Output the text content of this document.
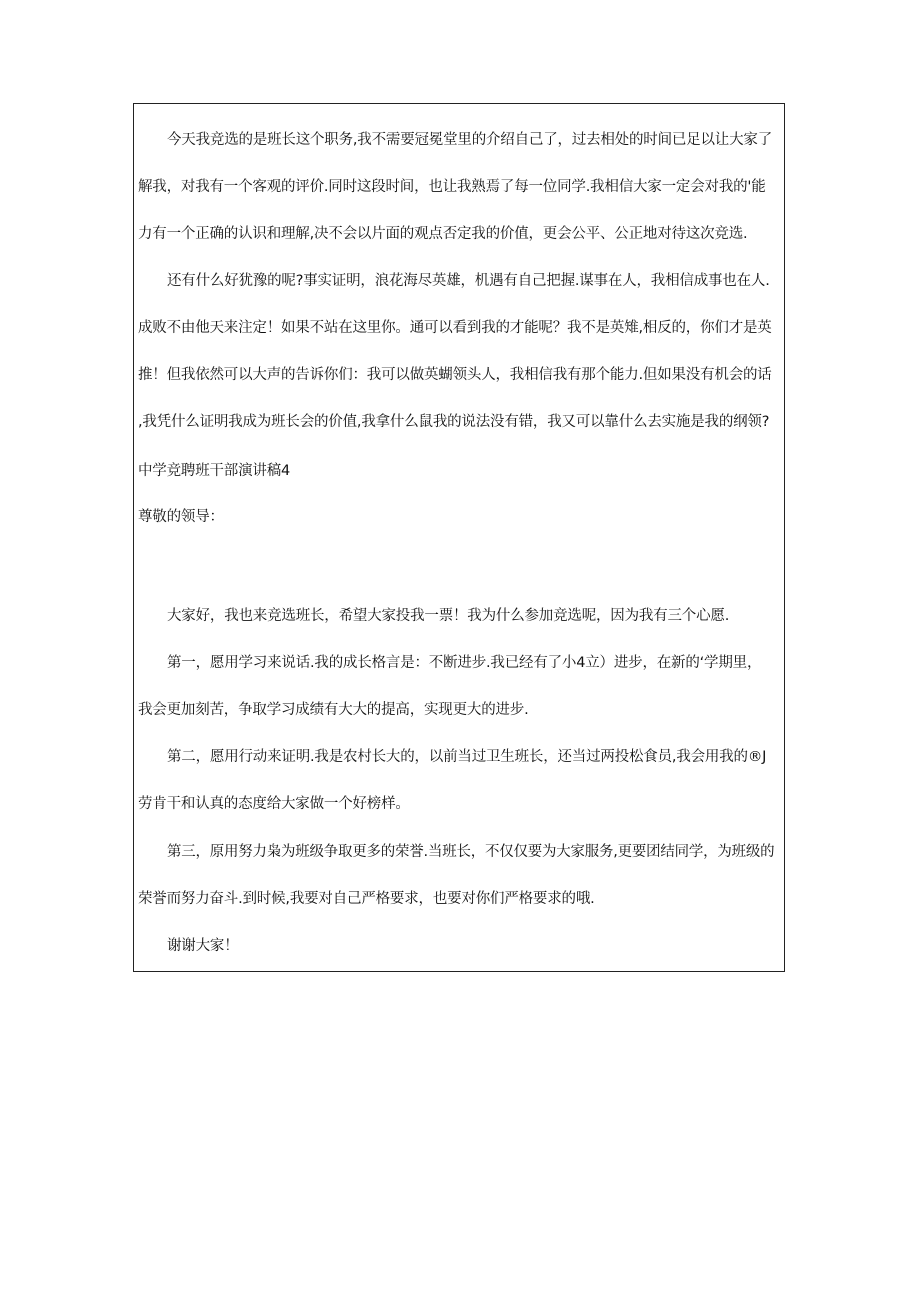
今天我竞选的是班长这个职务,我不需要冠冕堂里的介绍自己了，过去相处的时间已足以让大家了
解我，对我有一个客观的评价.同时这段时间，也让我熟焉了每一位同学.我相信大家一定会对我的'能
力有一个正确的认识和理解,决不会以片面的观点否定我的价值，更会公平、公正地对待这次竞选.
还有什么好犹豫的呢?事实证明，浪花海尽英雄，机遇有自己把握.谋事在人，我相信成事也在人.
成败不由他天来注定！如果不站在这里你。通可以看到我的才能呢？我不是英雉,相反的，你们才是英
推！但我依然可以大声的告诉你们：我可以做英蝴领头人，我相信我有那个能力.但如果没有机会的话
,我凭什么证明我成为班长会的价值,我拿什么鼠我的说法没有错，我又可以靠什么去实施是我的纲领?
中学竞聘班干部演讲稿4
尊敬的领导：
大家好，我也来竞选班长，希望大家投我一票！我为什么参加竞选呢，因为我有三个心愿.
第一，愿用学习来说话.我的成长格言是：不断进步.我已经有了小4立）进步，在新的‘学期里，
我会更加刻苦，争取学习成绩有大大的提高，实现更大的进步.
第二，愿用行动来证明.我是农村长大的，以前当过卫生班长，还当过两投松食员,我会用我的®J
劳肯干和认真的态度给大家做一个好榜样。
第三，原用努力枭为班级争取更多的荣誉.当班长，不仅仅要为大家服务,更要团结同学，为班级的
荣誉而努力奋斗.到时候,我要对自己严格要求，也要对你们严格要求的哦.
谢谢大家！
